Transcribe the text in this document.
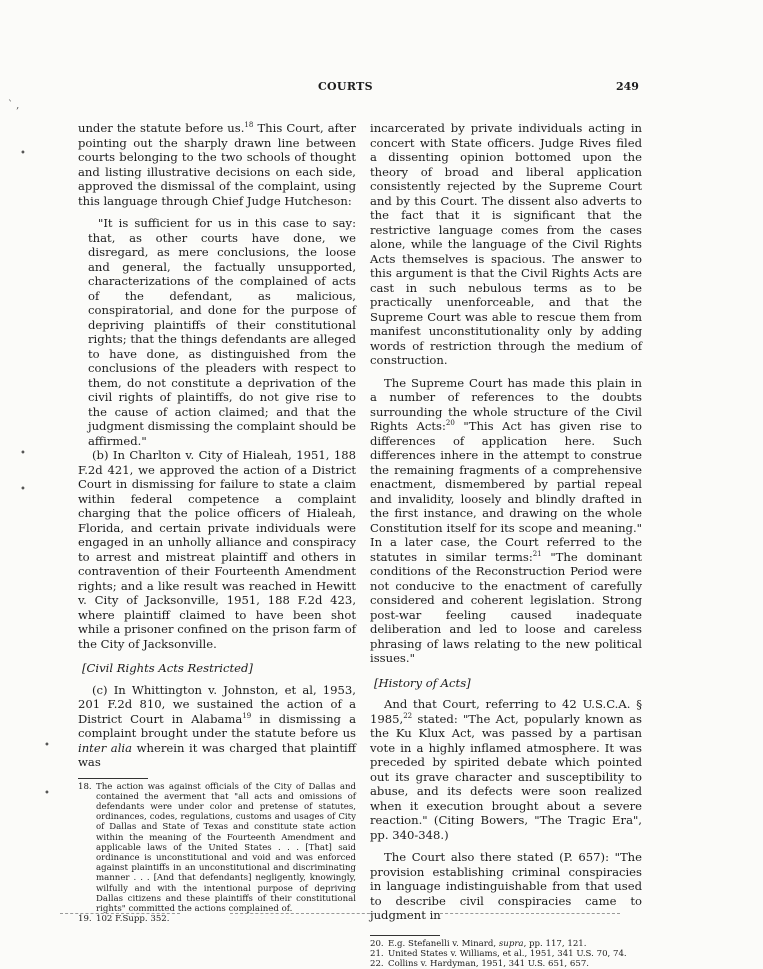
COURTS	249
` ,
•
•
•
•
•

under the statute before us.$^{18}$ This Court, after pointing out the sharply drawn line between courts belonging to the two schools of thought and listing illustrative decisions on each side, approved the dismissal of the complaint, using this language through Chief Judge Hutcheson:

"It is sufficient for us in this case to say: that, as other courts have done, we disregard, as mere conclusions, the loose and general, the factually unsupported, characterizations of the complained of acts of the defendant, as malicious, conspiratorial, and done for the purpose of depriving plaintiffs of their constitutional rights; that the things defendants are alleged to have done, as distinguished from the conclusions of the pleaders with respect to them, do not constitute a deprivation of the civil rights of plaintiffs, do not give rise to the cause of action claimed; and that the judgment dismissing the complaint should be affirmed."

(b) In Charlton v. City of Hialeah, 1951, 188 F.2d 421, we approved the action of a District Court in dismissing for failure to state a claim within federal competence a complaint charging that the police officers of Hialeah, Florida, and certain private individuals were engaged in an unholly alliance and conspiracy to arrest and mistreat plaintiff and others in contravention of their Fourteenth Amendment rights; and a like result was reached in Hewitt v. City of Jacksonville, 1951, 188 F.2d 423, where plaintiff claimed to have been shot while a prisoner confined on the prison farm of the City of Jacksonville.

[Civil Rights Acts Restricted]

(c) In Whittington v. Johnston, et al, 1953, 201 F.2d 810, we sustained the action of a District Court in Alabama$^{19}$ in dismissing a complaint brought under the statute before us inter alia wherein it was charged that plaintiff was

18. The action was against officials of the City of Dallas and contained the averment that "all acts and omissions of defendants were under color and pretense of statutes, ordinances, codes, regulations, customs and usages of City of Dallas and State of Texas and constitute state action within the meaning of the Fourteenth Amendment and applicable laws of the United States . . . [That] said ordinance is unconstitutional and void and was enforced against plaintiffs in an unconstitutional and discriminating manner . . . [And that defendants] negligently, knowingly, wilfully and with the intentional purpose of depriving Dallas citizens and these plaintiffs of their constitutional rights" committed the actions complained of.
19. 102 F.Supp. 352.

incarcerated by private individuals acting in concert with State officers. Judge Rives filed a dissenting opinion bottomed upon the theory of broad and liberal application consistently rejected by the Supreme Court and by this Court. The dissent also adverts to the fact that it is significant that the restrictive language comes from the cases alone, while the language of the Civil Rights Acts themselves is spacious. The answer to this argument is that the Civil Rights Acts are cast in such nebulous terms as to be practically unenforceable, and that the Supreme Court was able to rescue them from manifest unconstitutionality only by adding words of restriction through the medium of construction.

The Supreme Court has made this plain in a number of references to the doubts surrounding the whole structure of the Civil Rights Acts:$^{20}$ "This Act has given rise to differences of application here. Such differences inhere in the attempt to construe the remaining fragments of a comprehensive enactment, dismembered by partial repeal and invalidity, loosely and blindly drafted in the first instance, and drawing on the whole Constitution itself for its scope and meaning." In a later case, the Court referred to the statutes in similar terms:$^{21}$ "The dominant conditions of the Reconstruction Period were not conducive to the enactment of carefully considered and coherent legislation. Strong post-war feeling caused inadequate deliberation and led to loose and careless phrasing of laws relating to the new political issues."

[History of Acts]

And that Court, referring to 42 U.S.C.A. § 1985,22 stated: "The Act, popularly known as the Ku Klux Act, was passed by a partisan vote in a highly inflamed atmosphere. It was preceded by spirited debate which pointed out its grave character and susceptibility to abuse, and its defects were soon realized when it execution brought about a severe reaction." (Citing Bowers, "The Tragic Era", pp. 340-348.)

The Court also there stated (P. 657): "The provision establishing criminal conspiracies in language indistinguishable from that used to describe civil conspiracies came to judgment in

20. E.g. Stefanelli v. Minard, supra, pp. 117, 121.
21. United States v. Williams, et al., 1951, 341 U.S. 70, 74.
22. Collins v. Hardyman, 1951, 341 U.S. 651, 657.
